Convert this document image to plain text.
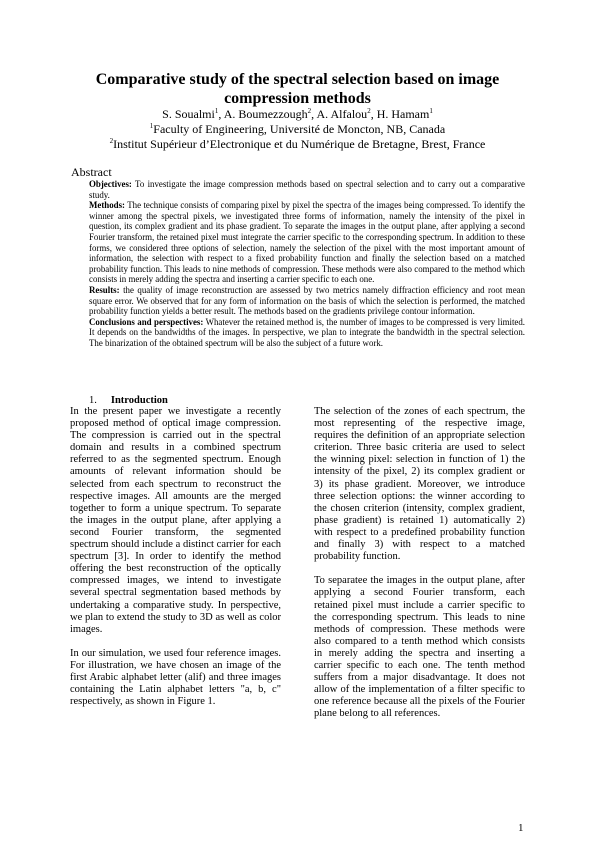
Comparative study of the spectral selection based on image compression methods
S. Soualmi$^1$, A. Boumezzough$^2$, A. Alfalou$^2$, H. Hamam$^1$
$^1$Faculty of Engineering, Université de Moncton, NB, Canada
$^2$Institut Supérieur d’Electronique et du Numérique de Bretagne, Brest, France
Abstract

Objectives: To investigate the image compression methods based on spectral selection and to carry out a comparative study.

Methods: The technique consists of comparing pixel by pixel the spectra of the images being compressed. To identify the winner among the spectral pixels, we investigated three forms of information, namely the intensity of the pixel in question, its complex gradient and its phase gradient. To separate the images in the output plane, after applying a second Fourier transform, the retained pixel must integrate the carrier specific to the corresponding spectrum. In addition to these forms, we considered three options of selection, namely the selection of the pixel with the most important amount of information, the selection with respect to a fixed probability function and finally the selection based on a matched probability function. This leads to nine methods of compression. These methods were also compared to the method which consists in merely adding the spectra and inserting a carrier specific to each one.

Results: the quality of image reconstruction are assessed by two metrics namely diffraction efficiency and root mean square error. We observed that for any form of information on the basis of which the selection is performed, the matched probability function yields a better result. The methods based on the gradients privilege contour information.

Conclusions and perspectives: Whatever the retained method is, the number of images to be compressed is very limited. It depends on the bandwidths of the images. In perspective, we plan to integrate the bandwidth in the spectral selection. The binarization of the obtained spectrum will be also the subject of a future work.

1. Introduction

In the present paper we investigate a recently proposed method of optical image compression. The compression is carried out in the spectral domain and results in a combined spectrum referred to as the segmented spectrum. Enough amounts of relevant information should be selected from each spectrum to reconstruct the respective images. All amounts are the merged together to form a unique spectrum. To separate the images in the output plane, after applying a second Fourier transform, the segmented spectrum should include a distinct carrier for each spectrum [3]. In order to identify the method offering the best reconstruction of the optically compressed images, we intend to investigate several spectral segmentation based methods by undertaking a comparative study. In perspective, we plan to extend the study to 3D as well as color images.

In our simulation, we used four reference images. For illustration, we have chosen an image of the first Arabic alphabet letter (alif) and three images containing the Latin alphabet letters "a, b, c" respectively, as shown in Figure 1.

The selection of the zones of each spectrum, the most representing of the respective image, requires the definition of an appropriate selection criterion. Three basic criteria are used to select the winning pixel: selection in function of 1) the intensity of the pixel, 2) its complex gradient or 3) its phase gradient. Moreover, we introduce three selection options: the winner according to the chosen criterion (intensity, complex gradient, phase gradient) is retained 1) automatically 2) with respect to a predefined probability function and finally 3) with respect to a matched probability function.

To separatee the images in the output plane, after applying a second Fourier transform, each retained pixel must include a carrier specific to the corresponding spectrum. This leads to nine methods of compression. These methods were also compared to a tenth method which consists in merely adding the spectra and inserting a carrier specific to each one. The tenth method suffers from a major disadvantage. It does not allow of the implementation of a filter specific to one reference because all the pixels of the Fourier plane belong to all references.

1
